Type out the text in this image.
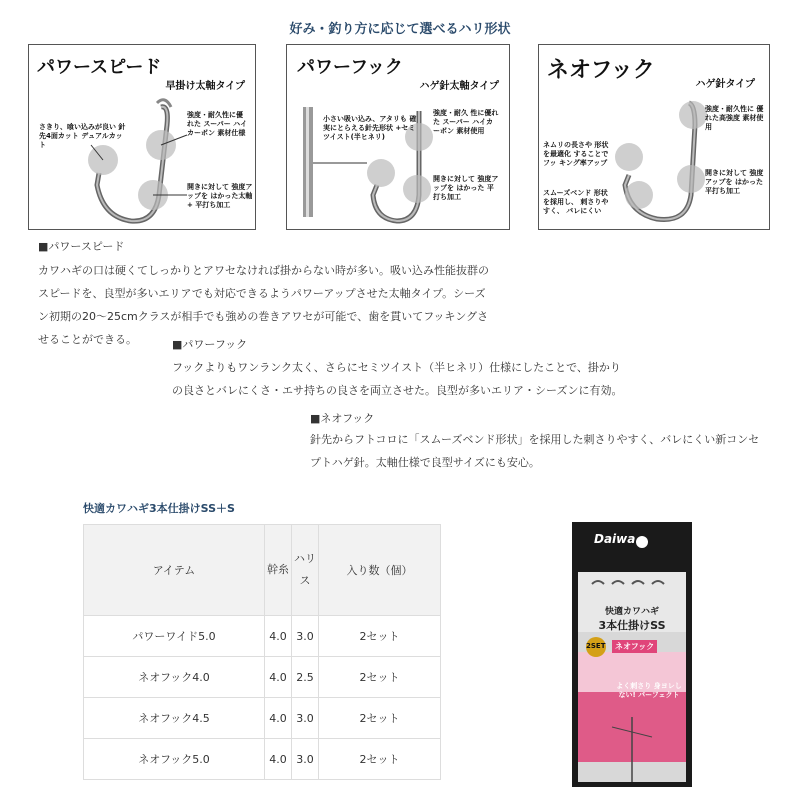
好み・釣り方に応じて選べるハリ形状
パワースピード
早掛け太軸タイプ
さきり、喰い込みが良い 針先4面カット デュアルカット
強度・耐久性に優れた スーパー ハイカーボン 素材仕様
開きに対して 強度アップを はかった太軸+ 平打ち加工
パワーフック
ハゲ針太軸タイプ
小さい吸い込み、アタリも 確実にとらえる針先形状 +セミツイスト(半ヒネリ)
強度・耐久 性に優れた スーパー ハイカーボン 素材使用
開きに対して 強度アップを はかった 平打ち加工
ネオフック
ハゲ針タイプ
強度・耐久性に 優れた高強度 素材使用
ネムリの長さや 形状を最適化 することでフッ キング率アップ
スムーズベンド 形状を採用し、 刺さりやすく、 バレにくい
開きに対して 強度アップを はかった 平打ち加工
■パワースピード
カワハギの口は硬くてしっかりとアワセなければ掛からない時が多い。吸い込み性能抜群の
スピードを、良型が多いエリアでも対応できるようパワーアップさせた太軸タイプ。シーズ
ン初期の20〜25cmクラスが相手でも強めの巻きアワセが可能で、歯を貫いてフッキングさ
せることができる。	■パワーフック
フックよりもワンランク太く、さらにセミツイスト（半ヒネリ）仕様にしたことで、掛かり
の良さとバレにくさ・エサ持ちの良さを両立させた。良型が多いエリア・シーズンに有効。
■ネオフック
針先からフトコロに「スムーズベンド形状」を採用した刺さりやすく、バレにくい新コンセ
プトハゲ針。太軸仕様で良型サイズにも安心。
快適カワハギ3本仕掛けSS＋S
アイテム	幹糸	ハリス	入り数（個）
パワーワイド5.0	4.0	3.0	2セット
ネオフック4.0	4.0	2.5	2セット
ネオフック4.5	4.0	3.0	2セット
ネオフック5.0	4.0	3.0	2セット
Daiwa
快適カワハギ
3本仕掛けSS
2SET	ネオフック
よく刺さり 身ヨレしない! パーフェクト
